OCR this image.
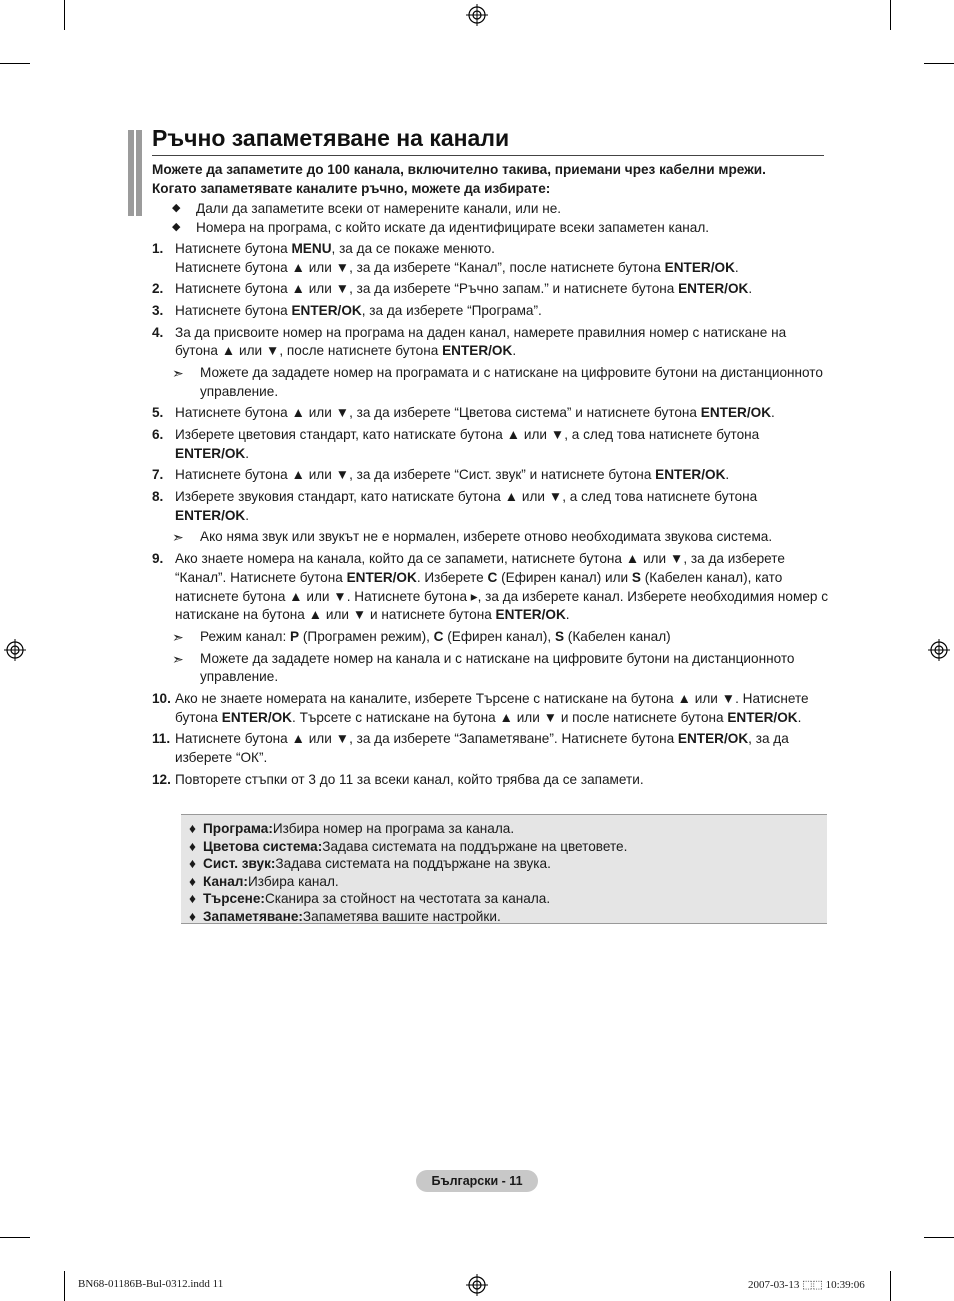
Ръчно запаметяване на канали
Можете да запаметите до 100 канала, включително такива, приемани чрез кабелни мрежи.
Когато запаметявате каналите ръчно, можете да избирате:
◆	Дали да запаметите всеки от намерените канали, или не.
◆	Номера на програма, с който искате да идентифицирате всеки запаметен канал.
1. Натиснете бутона MENU, за да се покаже менюто.
Натиснете бутона ▲ или ▼, за да изберете “Канал”, после натиснете бутона ENTER/OK.
2. Натиснете бутона ▲ или ▼, за да изберете “Ръчно запам.” и натиснете бутона ENTER/OK.
3. Натиснете бутона ENTER/OK, за да изберете “Програма”.
4. За да присвоите номер на програма на даден канал, намерете правилния номер с натискане на бутона ▲ или ▼, после натиснете бутона ENTER/OK.
➣	Можете да зададете номер на програмата и с натискане на цифровите бутони на дистанционното управление.
5. Натиснете бутона ▲ или ▼, за да изберете “Цветова система” и натиснете бутона ENTER/OK.
6. Изберете цветовия стандарт, като натискате бутона ▲ или ▼, а след това натиснете бутона ENTER/OK.
7. Натиснете бутона ▲ или ▼, за да изберете “Сист. звук” и натиснете бутона ENTER/OK.
8. Изберете звуковия стандарт, като натискате бутона ▲ или ▼, а след това натиснете бутона ENTER/OK.
➣	Ако няма звук или звукът не е нормален, изберете отново необходимата звукова система.
9. Ако знаете номера на канала, който да се запамети, натиснете бутона ▲ или ▼, за да изберете “Канал”. Натиснете бутона ENTER/OK. Изберете C (Ефирен канал) или S (Кабелен канал), като натиснете бутона ▲ или ▼. Натиснете бутона ▸, за да изберете канал. Изберете необходимия номер с натискане на бутона ▲ или ▼ и натиснете бутона ENTER/OK.
➣	Режим канал: P (Програмен режим), C (Ефирен канал), S (Кабелен канал)
➣	Можете да зададете номер на канала и с натискане на цифровите бутони на дистанционното управление.
10. Ако не знаете номерата на каналите, изберете Търсене с натискане на бутона ▲ или ▼. Натиснете бутона ENTER/OK. Търсете с натискане на бутона ▲ или ▼ и после натиснете бутона ENTER/OK.
11. Натиснете бутона ▲ или ▼, за да изберете “Запаметяване”. Натиснете бутона ENTER/OK, за да изберете “ОК”.
12. Повторете стъпки от 3 до 11 за всеки канал, който трябва да се запамети.
♦ Програма: Избира номер на програма за канала.
♦ Цветова система: Задава системата на поддържане на цветовете.
♦ Сист. звук: Задава системата на поддържане на звука.
♦ Канал: Избира канал.
♦ Търсене: Сканира за стойност на честотата за канала.
♦ Запаметяване: Запаметява вашите настройки.
Български - 11
BN68-01186B-Bul-0312.indd 11	2007-03-13 ⬚⬚ 10:39:06
